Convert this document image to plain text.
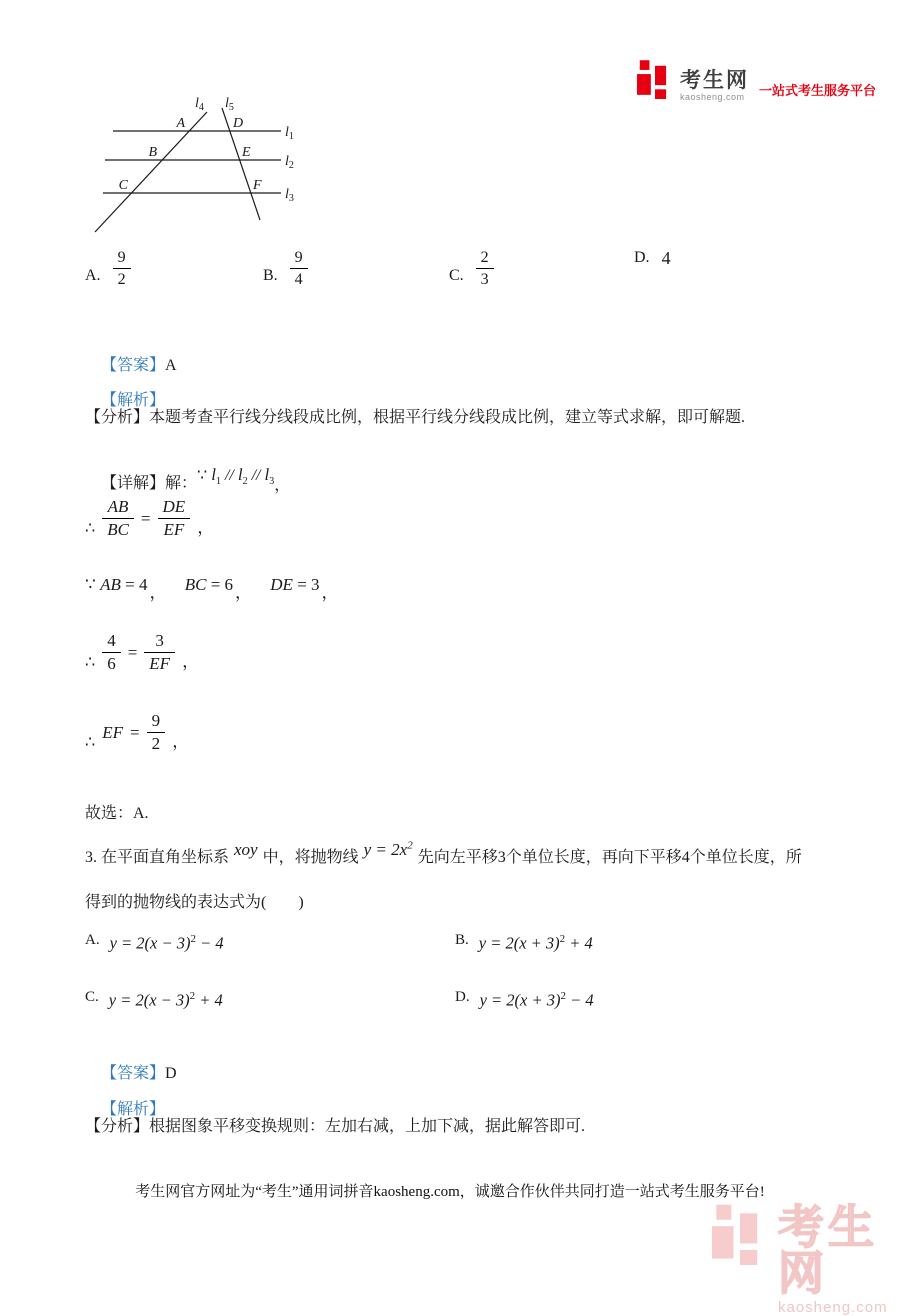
考生网
kaosheng.com	一站式考生服务平台
$l_1$
$l_2$
$l_3$
$l_4$ $l_5$
A
B
C
D
E
F
A. $\frac{9}{2}$	B. $\frac{9}{4}$	C. $\frac{2}{3}$	D. 4

【答案】A

【解析】

【分析】本题考查平行线分线段成比例，根据平行线分线段成比例，建立等式求解，即可解题.

【详解】解：∵ $l_1 // l_2 // l_3$，

∴ $\frac{AB}{BC} = \frac{DE}{EF}$ ，
∵ AB = 4 ， BC = 6 ， DE = 3 ，
∴ $\frac{4}{6} = \frac{3}{EF}$ ，
∴
EF = $\frac{9}{2}$ ，
故选：A.
3. 在平面直角坐标系 xoy 中，将抛物线 $y = 2x^2$先向左平移3个单位长度，再向下平移4个单位长度，所
得到的抛物线的表达式为(　　)
A. $y = 2(x - 3)^2 - 4$	B. $y = 2(x + 3)^2 + 4$
C. $y = 2(x - 3)^2 + 4$	D. $y = 2(x + 3)^2 - 4$

【答案】D

【解析】

【分析】根据图象平移变换规则：左加右减，上加下减，据此解答即可.
考生网官方网址为“考生”通用词拼音kaosheng.com，诚邀合作伙伴共同打造一站式考生服务平台!
考生网
kaosheng.com
